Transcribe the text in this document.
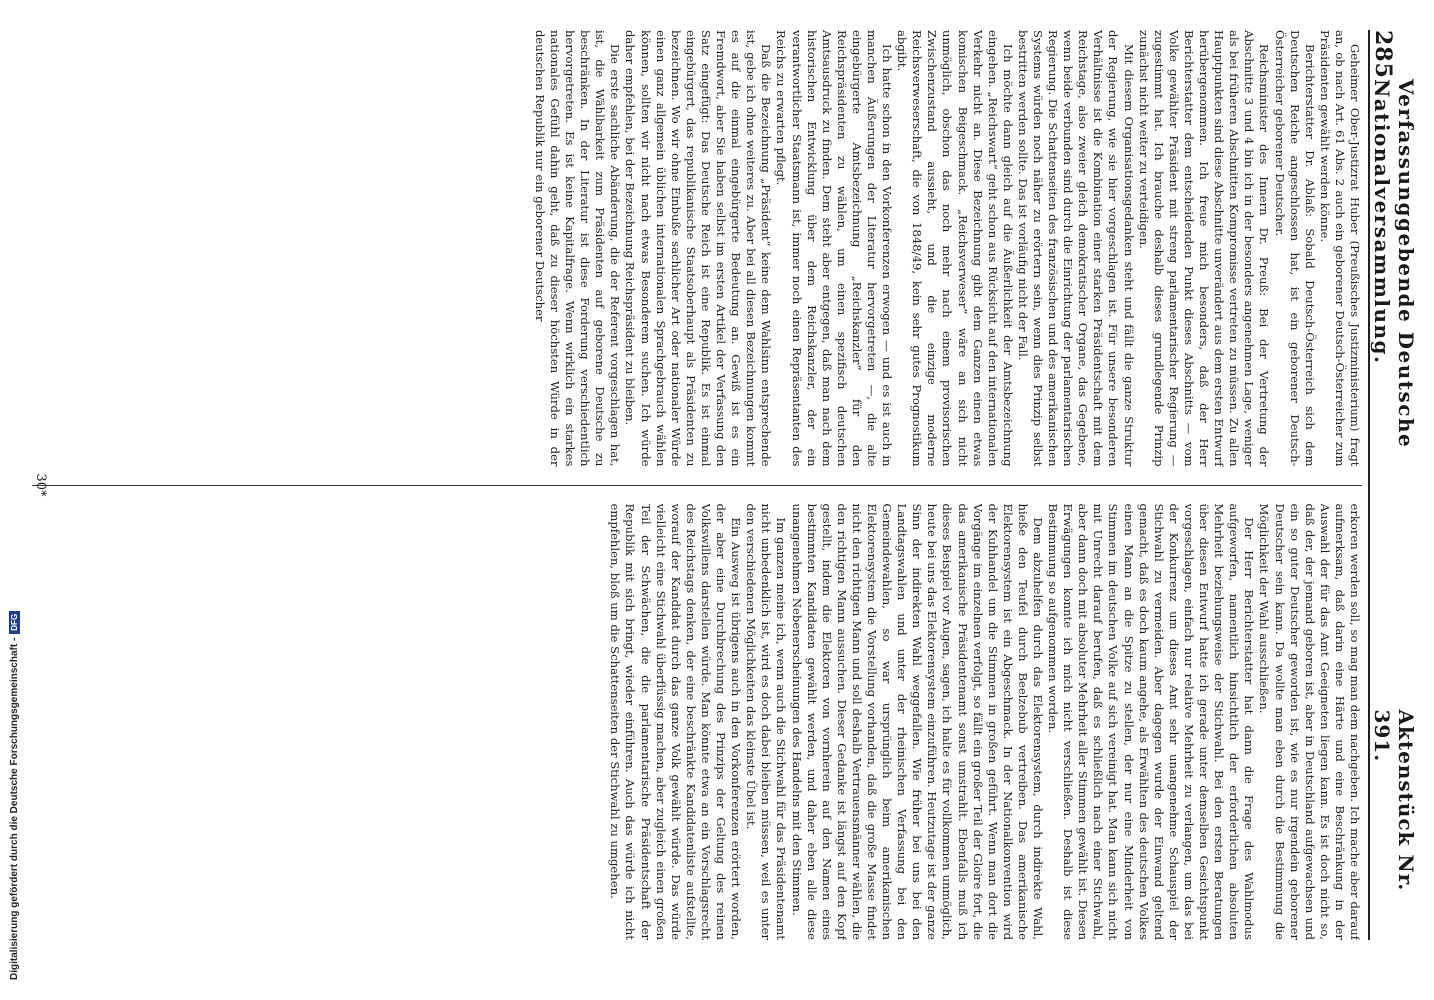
285
Verfassunggebende Deutsche Nationalversammlung.
Aktenstück Nr. 391.

Geheimer Ober-Justizrat Huber (Preußisches Justizministerium) fragt an, ob nach Art. 61 Abs. 2 auch ein geborener Deutsch-Österreicher zum Präsidenten gewählt werden könne.

Berichterstatter Dr. Ablaß: Sobald Deutsch-Österreich sich dem Deutschen Reiche angeschlossen hat, ist ein geborener Deutsch-Österreicher geborener Deutscher.

Reichsminister des Innern Dr. Preuß: Bei der Vertretung der Abschnitte 3 und 4 bin ich in der besonders angenehmen Lage, weniger als bei früheren Abschnitten Kompromisse vertreten zu müssen. Zu allen Hauptpunkten sind diese Abschnitte unverändert aus dem ersten Entwurf herübergenommen. Ich freue mich besonders, daß der Herr Berichterstatter dem entscheidenden Punkt dieses Abschnitts — vom Volke gewählter Präsident mit streng parlamentarischer Regierung — zugestimmt hat. Ich brauche deshalb dieses grundlegende Prinzip zunächst nicht weiter zu verteidigen.

Mit diesem Organisationsgedanken steht und fällt die ganze Struktur der Regierung, wie sie hier vorgeschlagen ist. Für unsere besonderen Verhältnisse ist die Kombination einer starken Präsidentschaft mit dem Reichstage, also zweier gleich demokratischer Organe, das Gegebene, wenn beide verbunden sind durch die Einrichtung der parlamentarischen Regierung. Die Schattenseiten des französischen und des amerikanischen Systems würden noch näher zu erörtern sein, wenn dies Prinzip selbst bestritten werden sollte. Das ist vorläufig nicht der Fall.

Ich möchte dann gleich auf die Äußerlichkeit der Amtsbezeichnung eingehen. „Reichswart“ geht schon aus Rücksicht auf den internationalen Verkehr nicht an. Diese Bezeichnung gibt dem Ganzen einen etwas komischen Beigeschmack. „Reichsverweser“ wäre an sich nicht unmöglich, obschon das noch mehr nach einem provisorischen Zwischenzustand aussieht, und die einzige moderne Reichsverweserschaft, die von 1848/49, kein sehr gutes Prognostikum abgibt.

Ich hatte schon in den Vorkonferenzen erwogen — und es ist auch in manchen Äußerungen der Literatur hervorgetreten —, die alte eingebürgerte Amtsbezeichnung „Reichskanzler“ für den Reichspräsidenten zu wählen, um einen spezifisch deutschen Amtsausdruck zu finden. Dem steht aber entgegen, daß man nach dem historischen Entwicklung über dem Reichskanzler, der ein verantwortlicher Staatsmann ist, immer noch einen Repräsentanten des Reichs zu erwarten pflegt.

Daß die Bezeichnung „Präsident“ keine dem Wahlsinn entsprechende ist, gebe ich ohne weiteres zu. Aber bei all diesen Bezeichnungen kommt es auf die einmal eingebürgerte Bedeutung an. Gewiß ist es ein Fremdwort, aber Sie haben selbst im ersten Artikel der Verfassung den Satz eingefügt: Das Deutsche Reich ist eine Republik. Es ist einmal eingebürgert, das republikanische Staatsoberhaupt als Präsidenten zu bezeichnen. Wo wir ohne Einbuße sachlicher Art oder nationaler Würde einen ganz allgemein üblichen internationalen Sprachgebrauch wählen können, sollten wir nicht nach etwas Besonderem suchen. Ich würde daher empfehlen, bei der Bezeichnung Reichspräsident zu bleiben.

Die erste sachliche Abänderung, die der Referent vorgeschlagen hat, ist, die Wählbarkeit zum Präsidenten auf geborene Deutsche zu beschränken. In der Literatur ist diese Forderung verschiedentlich hervorgetreten. Es ist keine Kapitalfrage. Wenn wirklich ein starkes nationales Gefühl dahin geht, daß zu dieser höchsten Würde in der deutschen Republik nur ein geborener Deutscher

erkoren werden soll, so mag man dem nachgeben. Ich mache aber darauf aufmerksam, daß darin eine Härte und eine Beschränkung in der Auswahl der für das Amt Geeigneten liegen kann. Es ist doch nicht so, daß der, der jemand geboren ist, aber in Deutschland aufgewachsen und ein so guter Deutscher geworden ist, wie es nur irgendein geborener Deutscher sein kann. Da wollte man eben durch die Bestimmung die Möglichkeit der Wahl ausschließen.

Der Herr Berichterstatter hat dann die Frage des Wahlmodus aufgeworfen, namentlich hinsichtlich der erforderlichen absoluten Mehrheit beziehungsweise der Stichwahl. Bei den ersten Beratungen über diesen Entwurf hatte ich gerade unter demselben Gesichtspunkt vorgeschlagen, einfach nur relative Mehrheit zu verlangen, um das bei der Konkurrenz um dieses Amt sehr unangenehme Schauspiel der Stichwahl zu vermeiden. Aber dagegen wurde der Einwand geltend gemacht, daß es doch kaum angehe, als Erwählten des deutschen Volkes einen Mann an die Spitze zu stellen, der nur eine Minderheit von Stimmen im deutschen Volke auf sich vereinigt hat. Man kann sich nicht mit Unrecht darauf berufen, daß es schließlich nach einer Stichwahl, aber dann doch mit absoluter Mehrheit aller Stimmen gewählt ist. Diesen Erwägungen konnte ich mich nicht verschließen. Deshalb ist diese Bestimmung so aufgenommen worden.

Dem abzuhelfen durch das Elektorensystem, durch indirekte Wahl, hieße den Teufel durch Beelzebub vertreiben. Das amerikanische Elektorensystem ist ein Abgeschmack. In der Nationalkonvention wird der Kuhhandel um die Stimmen in großen geführt. Wenn man dort die Vorgänge im einzelnen verfolgt, so fällt ein großer Teil der Gloire fort, die das amerikanische Präsidentenamt sonst umstrahlt. Ebenfalls muß ich dieses Beispiel vor Augen, sagen, ich halte es für vollkommen unmöglich, heute bei uns das Elektorensystem einzuführen. Heutzutage ist der ganze Sinn der indirekten Wahl weggefallen. Wie früher bei uns bei den Landtagswahlen und unter der rheinischen Verfassung bei den Gemeindewahlen, so war ursprünglich beim amerikanischen Elektorensystem die Vorstellung vorhanden, daß die große Masse findet nicht den richtigen Mann und soll deshalb Vertrauensmänner wählen, die den richtigen Mann aussuchen. Dieser Gedanke ist längst auf den Kopf gestellt, indem die Elektoren von vornherein auf den Namen eines bestimmten Kandidaten gewählt werden, und daher eben alle diese unangenehmen Nebenerscheinungen des Handelns mit den Stimmen.

Im ganzen meine ich, wenn auch die Stichwahl für das Präsidentenamt nicht unbedenklich ist, wird es doch dabei bleiben müssen, weil es unter den verschiedenen Möglichkeiten das kleinste Übel ist.

Ein Ausweg ist übrigens auch in den Vorkonferenzen erörtert worden, der aber eine Durchbrechung des Prinzips der Geltung des reinen Volkswillens darstellen würde. Man könnte etwa an ein Vorschlagsrecht des Reichstags denken, der eine beschränkte Kandidatenliste aufstellte, worauf der Kandidat durch das ganze Volk gewählt würde. Das würde vielleicht eine Stichwahl überflüssig machen, aber zugleich einen großen Teil der Schwächen, die die parlamentarische Präsidentschaft der Republik mit sich bringt, wieder einführen. Auch das würde ich nicht empfehlen, bloß um die Schattenseiten der Stichwahl zu umgehen.

30*
Digitalisierung gefördert durch die Deutsche Forschungsgemeinschaft -
DFG
